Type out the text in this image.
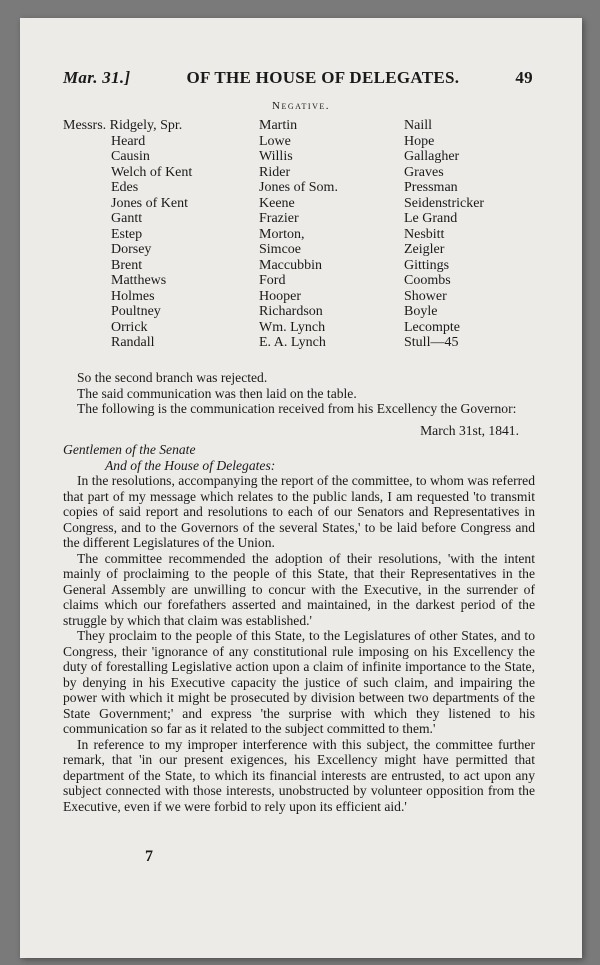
Mar. 31.]	OF THE HOUSE OF DELEGATES.	49
Negative.
Messrs. Ridgely, Spr.
Heard
Causin
Welch of Kent
Edes
Jones of Kent
Gantt
Estep
Dorsey
Brent
Matthews
Holmes
Poultney
Orrick
Randall
Martin
Lowe
Willis
Rider
Jones of Som.
Keene
Frazier
Morton,
Simcoe
Maccubbin
Ford
Hooper
Richardson
Wm. Lynch
E. A. Lynch
Naill
Hope
Gallagher
Graves
Pressman
Seidenstricker
Le Grand
Nesbitt
Zeigler
Gittings
Coombs
Shower
Boyle
Lecompte
Stull—45

So the second branch was rejected.

The said communication was then laid on the table.

The following is the communication received from his Excellency the Governor:

March 31st, 1841.

Gentlemen of the Senate

And of the House of Delegates:

In the resolutions, accompanying the report of the committee, to whom was referred that part of my message which relates to the public lands, I am requested 'to transmit copies of said report and resolutions to each of our Senators and Representatives in Congress, and to the Governors of the several States,' to be laid before Congress and the different Legislatures of the Union.

The committee recommended the adoption of their resolutions, 'with the intent mainly of proclaiming to the people of this State, that their Representatives in the General Assembly are unwilling to concur with the Executive, in the surrender of claims which our forefathers asserted and maintained, in the darkest period of the struggle by which that claim was established.'

They proclaim to the people of this State, to the Legislatures of other States, and to Congress, their 'ignorance of any constitutional rule imposing on his Excellency the duty of forestalling Legislative action upon a claim of infinite importance to the State, by denying in his Executive capacity the justice of such claim, and impairing the power with which it might be prosecuted by division between two departments of the State Government;' and express 'the surprise with which they listened to his communication so far as it related to the subject committed to them.'

In reference to my improper interference with this subject, the committee further remark, that 'in our present exigences, his Excellency might have permitted that department of the State, to which its financial interests are entrusted, to act upon any subject connected with those interests, unobstructed by volunteer opposition from the Executive, even if we were forbid to rely upon its efficient aid.'

7
